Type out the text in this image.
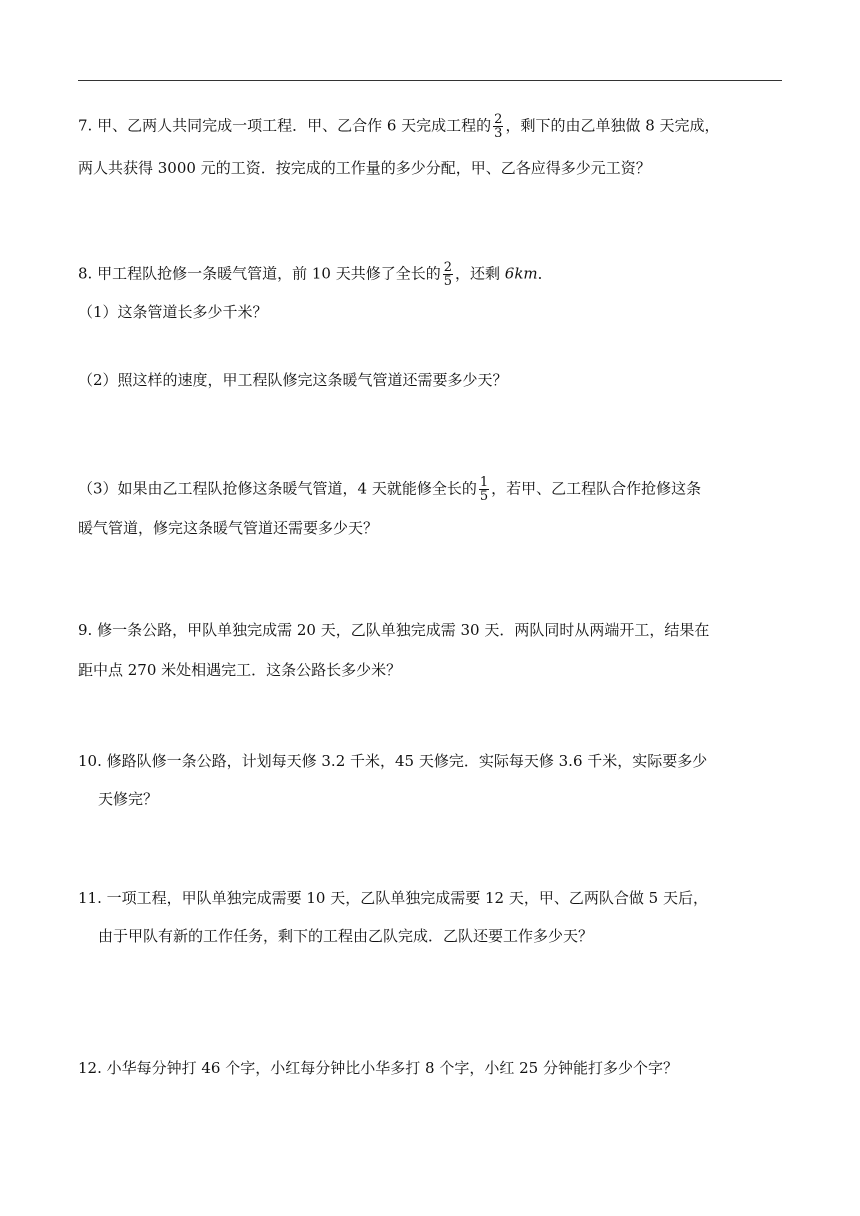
7. 甲、乙两人共同完成一项工程．甲、乙合作 6 天完成工程的 $\frac{2}{3}$ ，剩下的由乙单独做 8 天完成，
两人共获得 3000 元的工资．按完成的工作量的多少分配，甲、乙各应得多少元工资？
8. 甲工程队抢修一条暖气管道，前 10 天共修了全长的 $\frac{2}{5}$ ，还剩 6km．
（1）这条管道长多少千米？
（2）照这样的速度，甲工程队修完这条暖气管道还需要多少天？
（3）如果由乙工程队抢修这条暖气管道，4 天就能修全长的 $\frac{1}{5}$ ，若甲、乙工程队合作抢修这条
暖气管道，修完这条暖气管道还需要多少天？
9. 修一条公路，甲队单独完成需 20 天，乙队单独完成需 30 天．两队同时从两端开工，结果在
距中点 270 米处相遇完工．这条公路长多少米？
10. 修路队修一条公路，计划每天修 3.2 千米，45 天修完．实际每天修 3.6 千米，实际要多少
天修完？
11. 一项工程，甲队单独完成需要 10 天，乙队单独完成需要 12 天，甲、乙两队合做 5 天后，
由于甲队有新的工作任务，剩下的工程由乙队完成．乙队还要工作多少天？
12. 小华每分钟打 46 个字，小红每分钟比小华多打 8 个字，小红 25 分钟能打多少个字？
